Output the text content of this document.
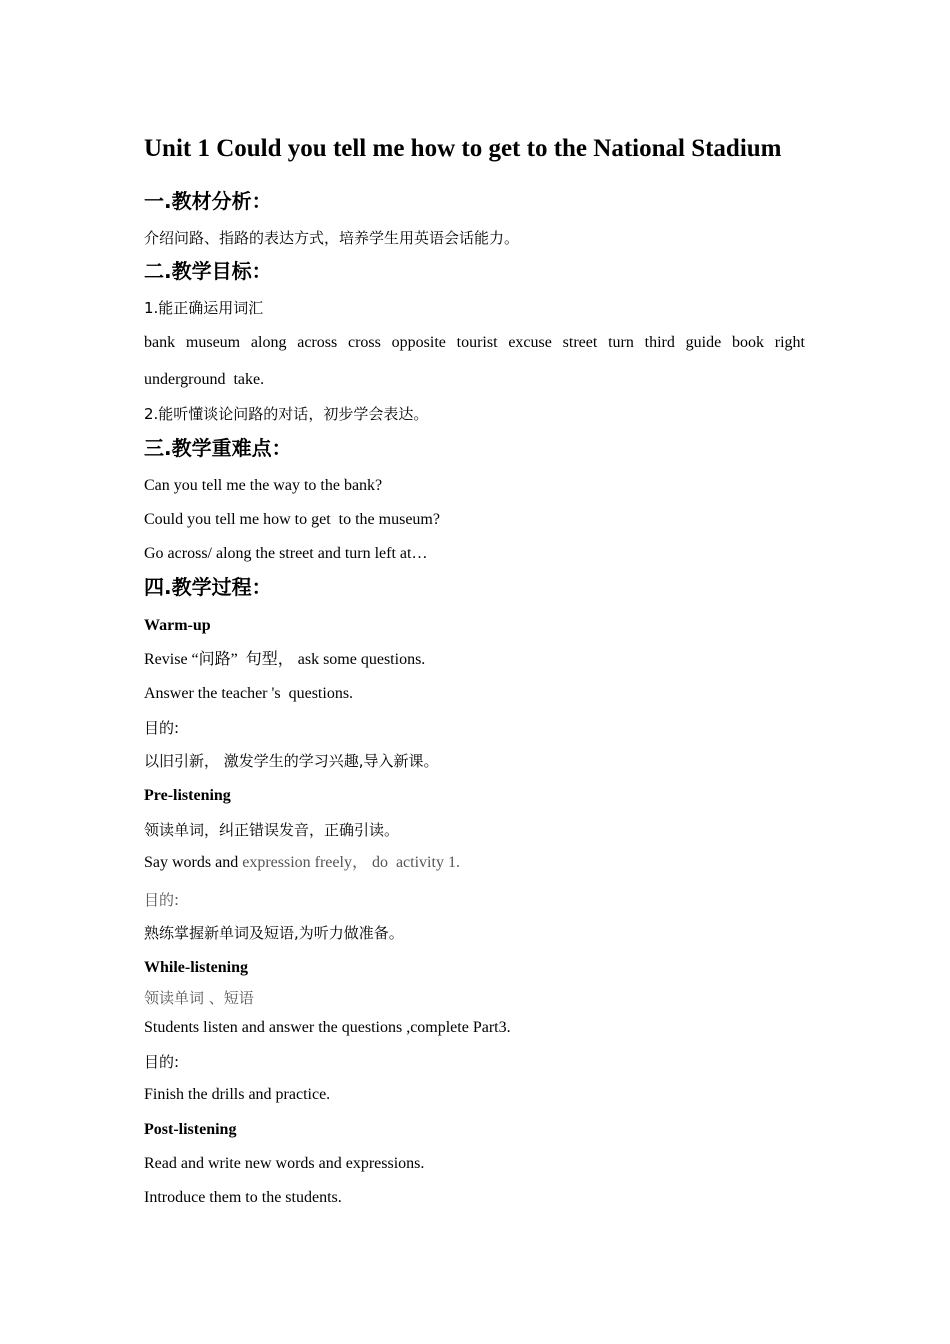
Unit 1 Could you tell me how to get to the National Stadium
一.教材分析：

介绍问路、指路的表达方式，培养学生用英语会话能力。

二.教学目标：

1.能正确运用词汇

bank museum along across cross opposite tourist excuse street turn third guide book right

underground  take.

2.能听懂谈论问路的对话，初步学会表达。

三.教学重难点：

Can you tell me the way to the bank?

Could you tell me how to get  to the museum?

Go across/ along the street and turn left at…

四.教学过程：

Warm-up

Revise “问路”  句型， ask some questions.

Answer the teacher 's  questions.

目的:

以旧引新， 激发学生的学习兴趣,导入新课。

Pre-listening

领读单词，纠正错误发音，正确引读。

Say words and expression freely， do  activity 1.

目的:

熟练掌握新单词及短语,为听力做准备。

While-listening

领读单词 、短语

Students listen and answer the questions ,complete Part3.

目的:

Finish the drills and practice.

Post-listening

Read and write new words and expressions.

Introduce them to the students.
